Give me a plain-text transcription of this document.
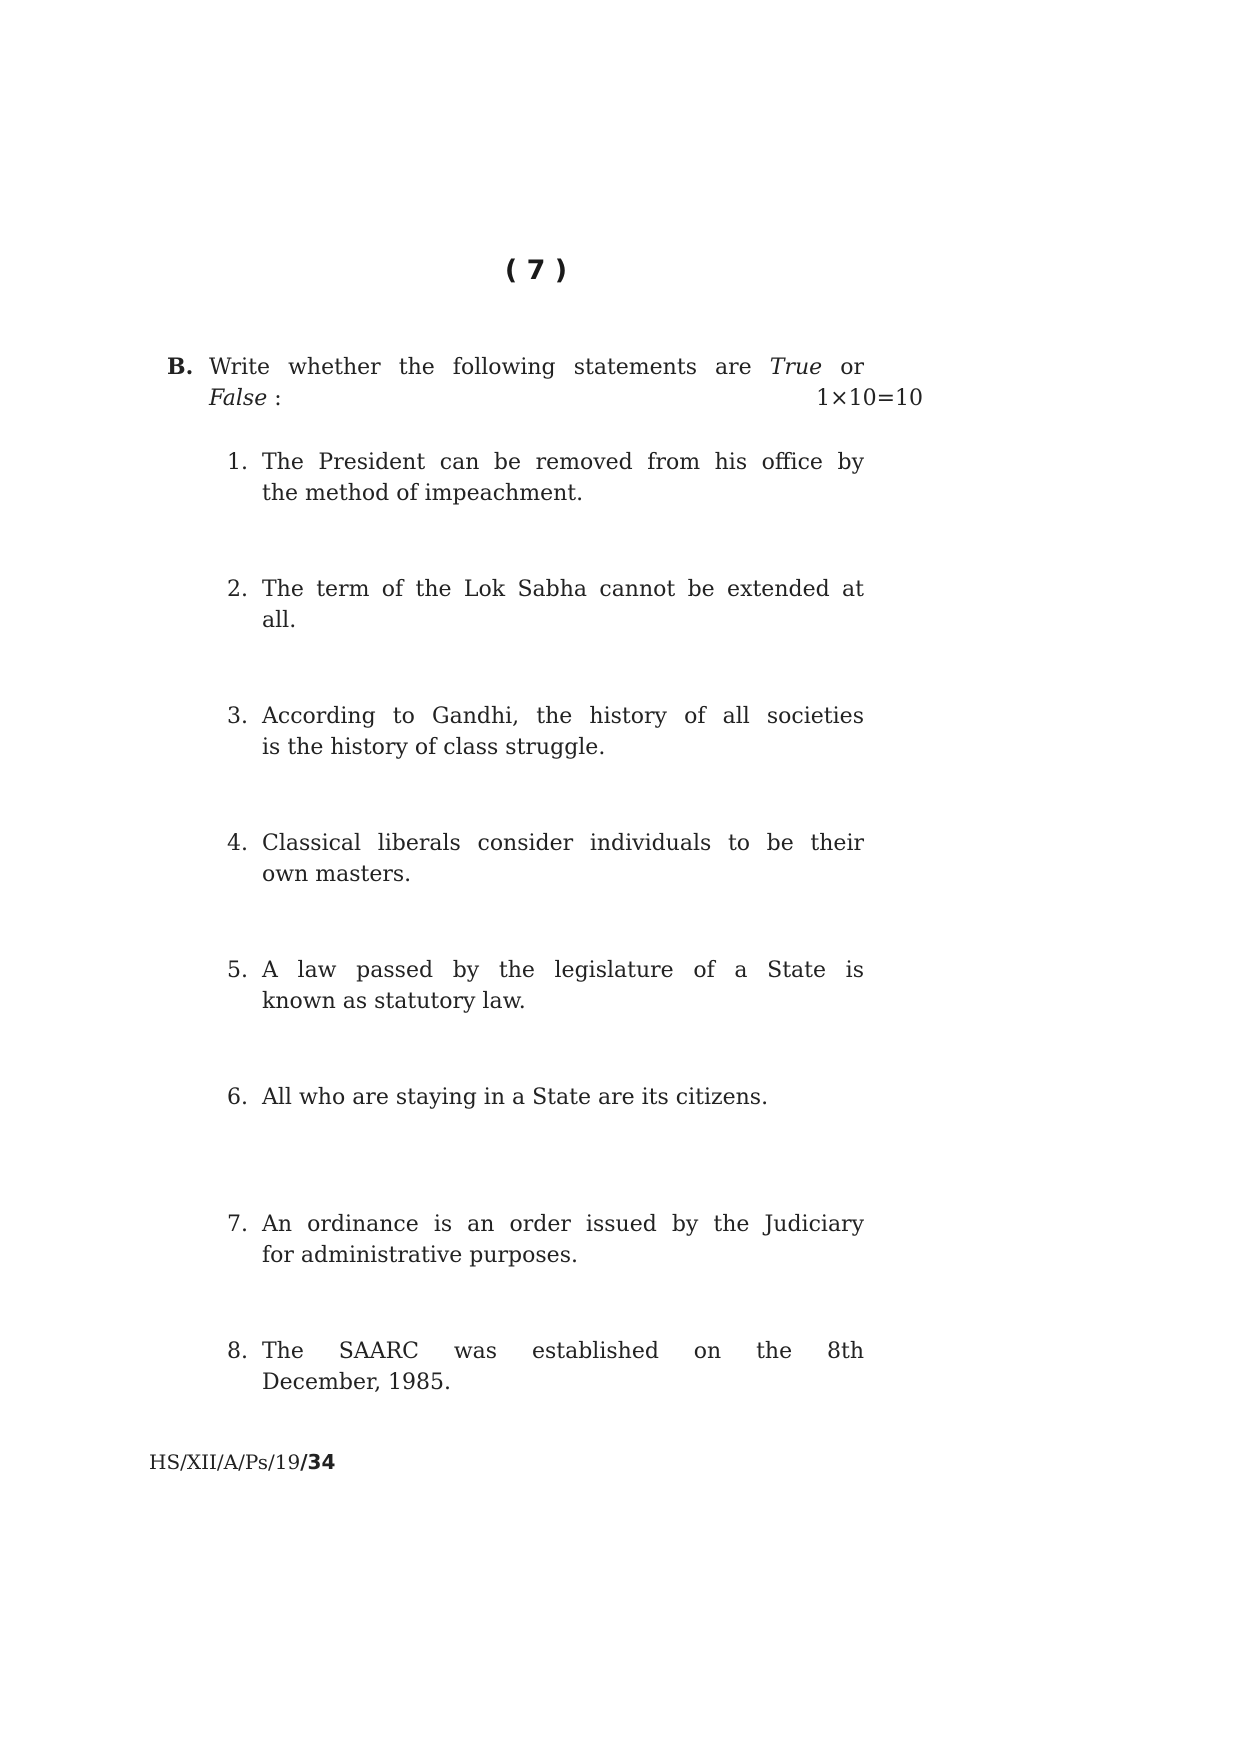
( 7 )
B. Write whether the following statements are True or
False :	1×10=10
1. The President can be removed from his office by
the method of impeachment.
2. The term of the Lok Sabha cannot be extended at
all.
3. According to Gandhi, the history of all societies
is the history of class struggle.
4. Classical liberals consider individuals to be their
own masters.
5. A law passed by the legislature of a State is
known as statutory law.
6. All who are staying in a State are its citizens.
7. An ordinance is an order issued by the Judiciary
for administrative purposes.
8. The SAARC was established on the 8th
December, 1985.
HS/XII/A/Ps/19/34
